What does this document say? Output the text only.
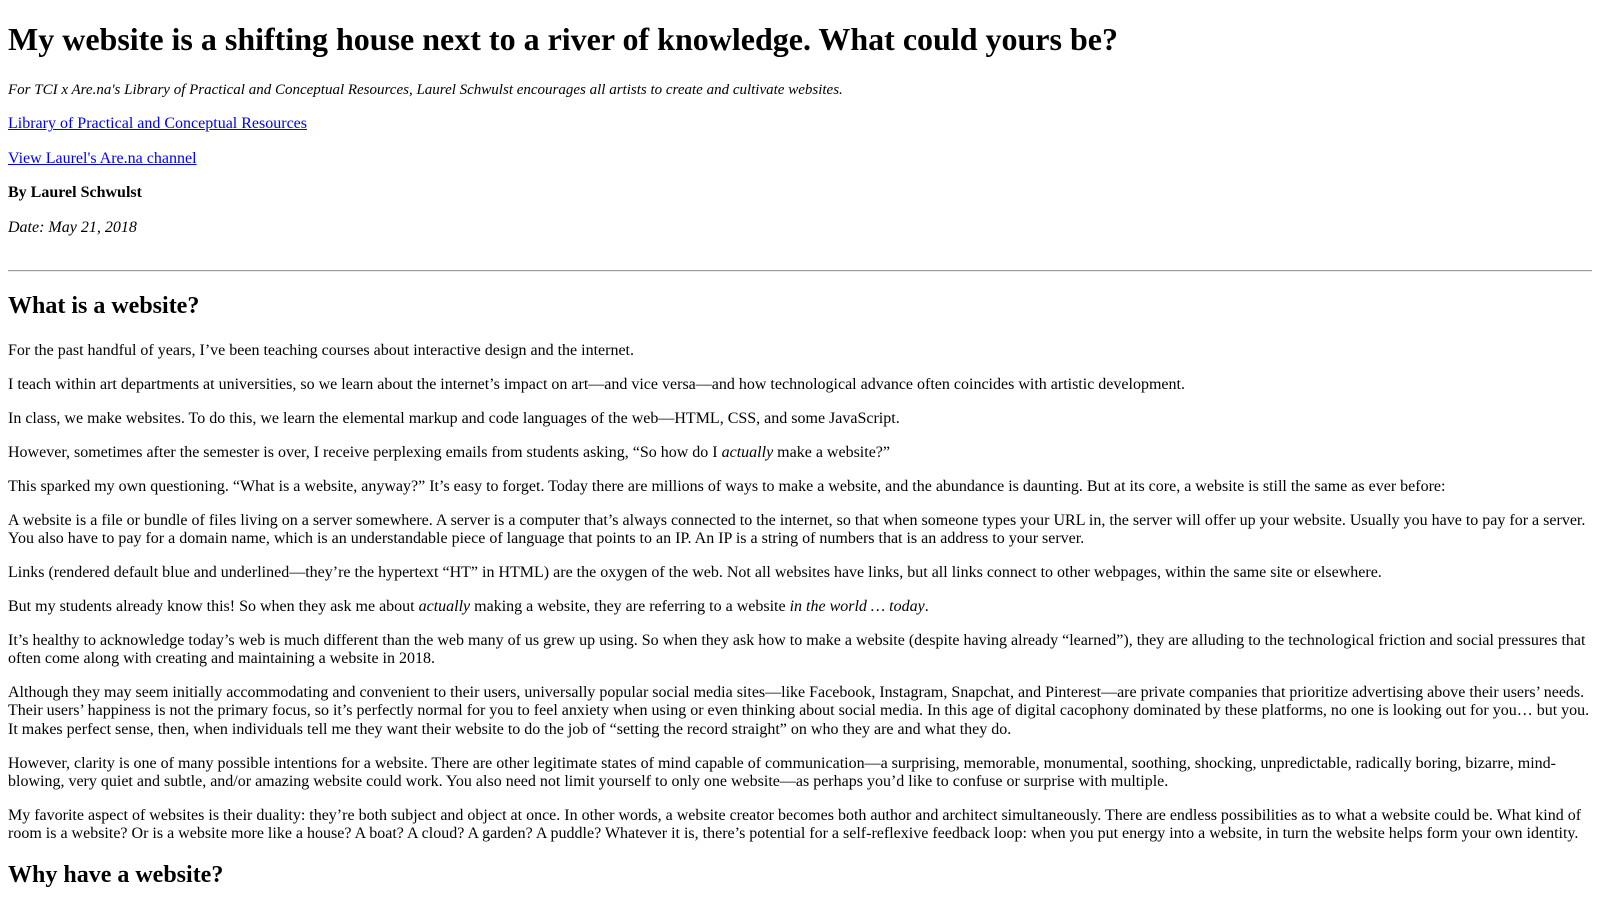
My website is a shifting house next to a river of knowledge. What could yours be?

For TCI x Are.na's Library of Practical and Conceptual Resources, Laurel Schwulst encourages all artists to create and cultivate websites.

Library of Practical and Conceptual Resources

View Laurel's Are.na channel

By Laurel Schwulst

Date: May 21, 2018

What is a website?

For the past handful of years, I’ve been teaching courses about interactive design and the internet.

I teach within art departments at universities, so we learn about the internet’s impact on art—and vice versa—and how technological advance often coincides with artistic development.

In class, we make websites. To do this, we learn the elemental markup and code languages of the web—HTML, CSS, and some JavaScript.

However, sometimes after the semester is over, I receive perplexing emails from students asking, “So how do I actually make a website?”

This sparked my own questioning. “What is a website, anyway?” It’s easy to forget. Today there are millions of ways to make a website, and the abundance is daunting. But at its core, a website is still the same as ever before:

A website is a file or bundle of files living on a server somewhere. A server is a computer that’s always connected to the internet, so that when someone types your URL in, the server will offer up your website. Usually you have to pay for a server. You also have to pay for a domain name, which is an understandable piece of language that points to an IP. An IP is a string of numbers that is an address to your server.

Links (rendered default blue and underlined—they’re the hypertext “HT” in HTML) are the oxygen of the web. Not all websites have links, but all links connect to other webpages, within the same site or elsewhere.

But my students already know this! So when they ask me about actually making a website, they are referring to a website in the world … today.

It’s healthy to acknowledge today’s web is much different than the web many of us grew up using. So when they ask how to make a website (despite having already “learned”), they are alluding to the technological friction and social pressures that often come along with creating and maintaining a website in 2018.

Although they may seem initially accommodating and convenient to their users, universally popular social media sites—like Facebook, Instagram, Snapchat, and Pinterest—are private companies that prioritize advertising above their users’ needs. Their users’ happiness is not the primary focus, so it’s perfectly normal for you to feel anxiety when using or even thinking about social media. In this age of digital cacophony dominated by these platforms, no one is looking out for you… but you. It makes perfect sense, then, when individuals tell me they want their website to do the job of “setting the record straight” on who they are and what they do.

However, clarity is one of many possible intentions for a website. There are other legitimate states of mind capable of communication—a surprising, memorable, monumental, soothing, shocking, unpredictable, radically boring, bizarre, mind-blowing, very quiet and subtle, and/or amazing website could work. You also need not limit yourself to only one website—as perhaps you’d like to confuse or surprise with multiple.

My favorite aspect of websites is their duality: they’re both subject and object at once. In other words, a website creator becomes both author and architect simultaneously. There are endless possibilities as to what a website could be. What kind of room is a website? Or is a website more like a house? A boat? A cloud? A garden? A puddle? Whatever it is, there’s potential for a self-reflexive feedback loop: when you put energy into a website, in turn the website helps form your own identity.

Why have a website?
